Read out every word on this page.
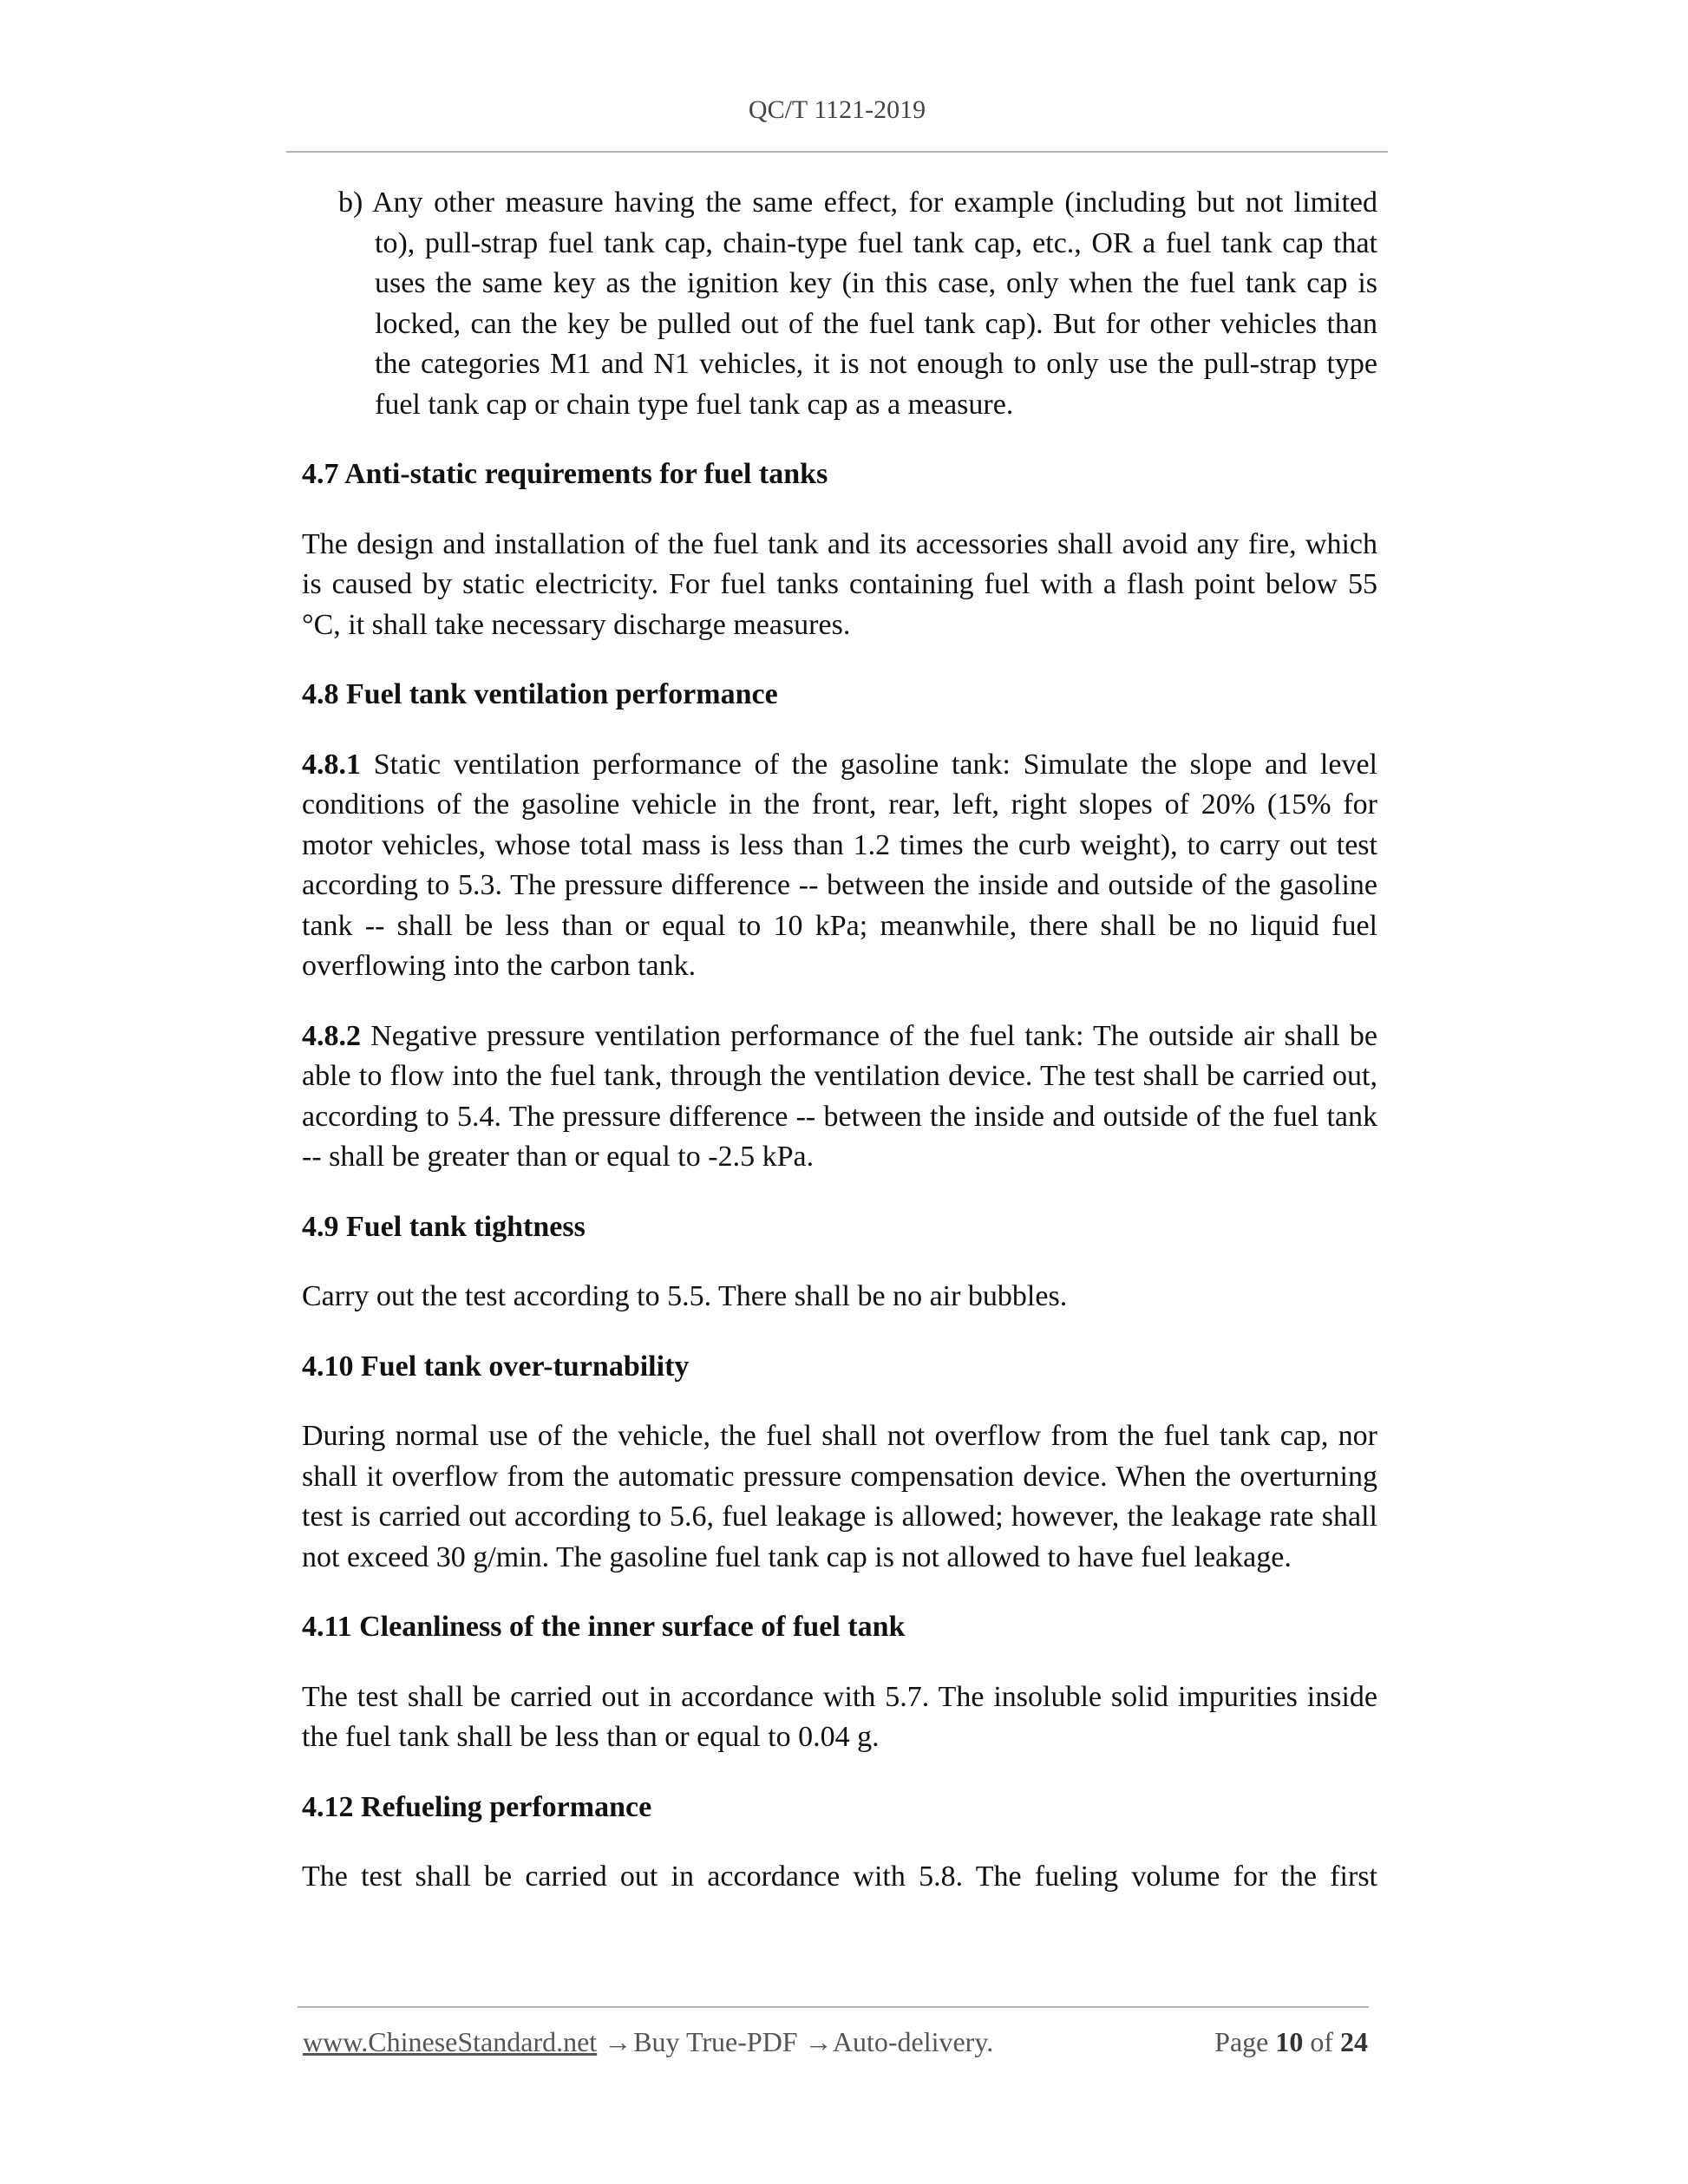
QC/T 1121-2019

b) Any other measure having the same effect, for example (including but not limited to), pull-strap fuel tank cap, chain-type fuel tank cap, etc., OR a fuel tank cap that uses the same key as the ignition key (in this case, only when the fuel tank cap is locked, can the key be pulled out of the fuel tank cap). But for other vehicles than the categories M1 and N1 vehicles, it is not enough to only use the pull-strap type fuel tank cap or chain type fuel tank cap as a measure.

4.7 Anti-static requirements for fuel tanks

The design and installation of the fuel tank and its accessories shall avoid any fire, which is caused by static electricity. For fuel tanks containing fuel with a flash point below 55 °C, it shall take necessary discharge measures.

4.8 Fuel tank ventilation performance

4.8.1 Static ventilation performance of the gasoline tank: Simulate the slope and level conditions of the gasoline vehicle in the front, rear, left, right slopes of 20% (15% for motor vehicles, whose total mass is less than 1.2 times the curb weight), to carry out test according to 5.3. The pressure difference -- between the inside and outside of the gasoline tank -- shall be less than or equal to 10 kPa; meanwhile, there shall be no liquid fuel overflowing into the carbon tank.

4.8.2 Negative pressure ventilation performance of the fuel tank: The outside air shall be able to flow into the fuel tank, through the ventilation device. The test shall be carried out, according to 5.4. The pressure difference -- between the inside and outside of the fuel tank -- shall be greater than or equal to -2.5 kPa.

4.9 Fuel tank tightness

Carry out the test according to 5.5. There shall be no air bubbles.

4.10 Fuel tank over-turnability

During normal use of the vehicle, the fuel shall not overflow from the fuel tank cap, nor shall it overflow from the automatic pressure compensation device. When the overturning test is carried out according to 5.6, fuel leakage is allowed; however, the leakage rate shall not exceed 30 g/min. The gasoline fuel tank cap is not allowed to have fuel leakage.

4.11 Cleanliness of the inner surface of fuel tank

The test shall be carried out in accordance with 5.7. The insoluble solid impurities inside the fuel tank shall be less than or equal to 0.04 g.

4.12 Refueling performance

The test shall be carried out in accordance with 5.8. The fueling volume for the first

www.ChineseStandard.net → Buy True-PDF → Auto-delivery.	Page 10 of 24
